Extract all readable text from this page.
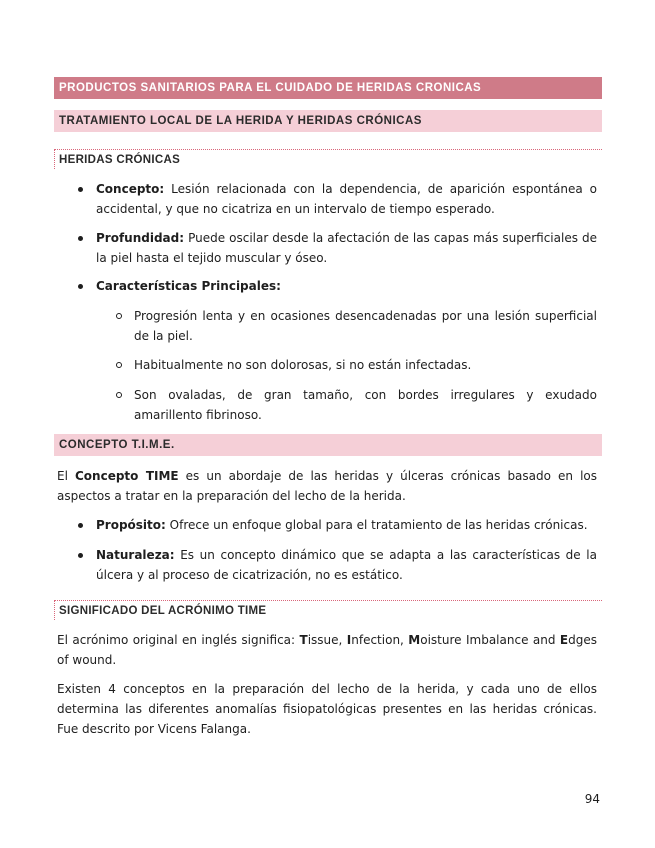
PRODUCTOS SANITARIOS PARA EL CUIDADO DE HERIDAS CRONICAS
TRATAMIENTO LOCAL DE LA HERIDA Y HERIDAS CRÓNICAS
HERIDAS CRÓNICAS
Concepto: Lesión relacionada con la dependencia, de aparición espontánea o accidental, y que no cicatriza en un intervalo de tiempo esperado.
Profundidad: Puede oscilar desde la afectación de las capas más superficiales de la piel hasta el tejido muscular y óseo.
Características Principales:
Progresión lenta y en ocasiones desencadenadas por una lesión superficial de la piel.
Habitualmente no son dolorosas, si no están infectadas.
Son ovaladas, de gran tamaño, con bordes irregulares y exudado amarillento fibrinoso.
CONCEPTO T.I.M.E.
El Concepto TIME es un abordaje de las heridas y úlceras crónicas basado en los aspectos a tratar en la preparación del lecho de la herida.
Propósito: Ofrece un enfoque global para el tratamiento de las heridas crónicas.
Naturaleza: Es un concepto dinámico que se adapta a las características de la úlcera y al proceso de cicatrización, no es estático.
SIGNIFICADO DEL ACRÓNIMO TIME
El acrónimo original en inglés significa: Tissue, Infection, Moisture Imbalance and Edges of wound.
Existen 4 conceptos en la preparación del lecho de la herida, y cada uno de ellos determina las diferentes anomalías fisiopatológicas presentes en las heridas crónicas. Fue descrito por Vicens Falanga.
94
